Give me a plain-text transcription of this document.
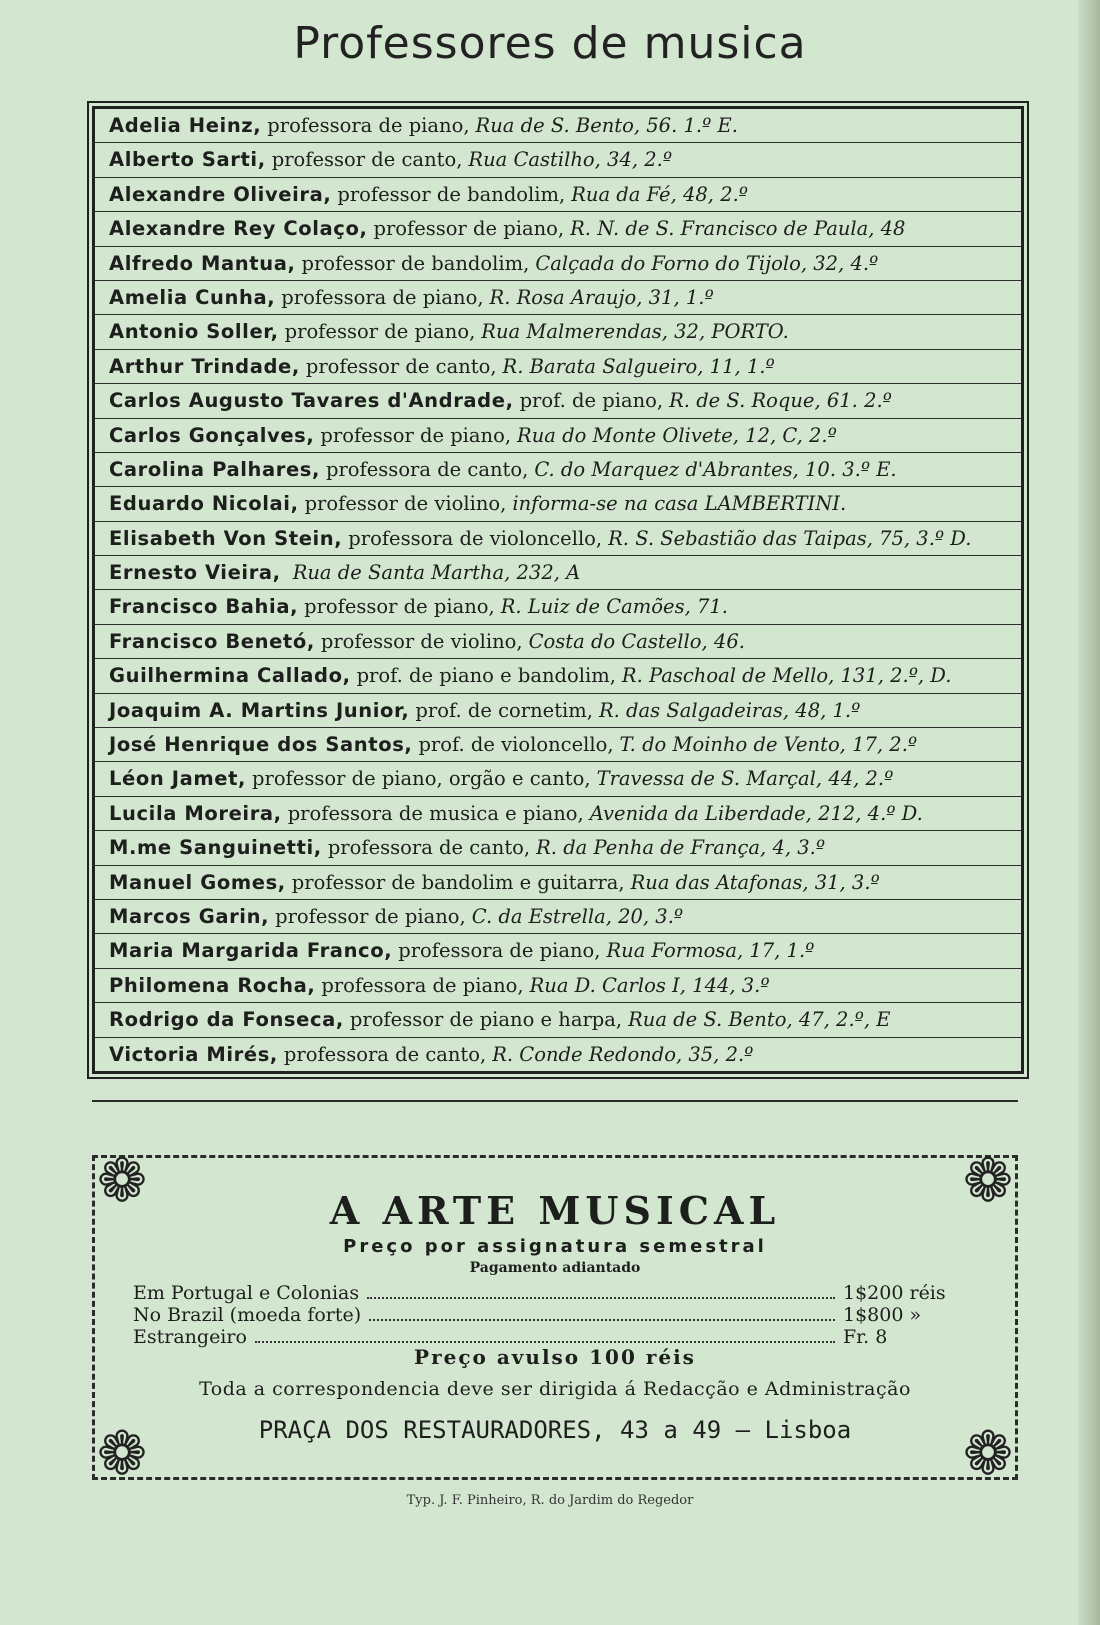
Professores de musica
Adelia Heinz, professora de piano, Rua de S. Bento, 56. 1.º E.
Alberto Sarti, professor de canto, Rua Castilho, 34, 2.º
Alexandre Oliveira, professor de bandolim, Rua da Fé, 48, 2.º
Alexandre Rey Colaço, professor de piano, R. N. de S. Francisco de Paula, 48
Alfredo Mantua, professor de bandolim, Calçada do Forno do Tijolo, 32, 4.º
Amelia Cunha, professora de piano, R. Rosa Araujo, 31, 1.º
Antonio Soller, professor de piano, Rua Malmerendas, 32, PORTO.
Arthur Trindade, professor de canto, R. Barata Salgueiro, 11, 1.º
Carlos Augusto Tavares d'Andrade, prof. de piano, R. de S. Roque, 61. 2.º
Carlos Gonçalves, professor de piano, Rua do Monte Olivete, 12, C, 2.º
Carolina Palhares, professora de canto, C. do Marquez d'Abrantes, 10. 3.º E.
Eduardo Nicolai, professor de violino, informa-se na casa LAMBERTINI.
Elisabeth Von Stein, professora de violoncello, R. S. Sebastião das Taipas, 75, 3.º D.
Ernesto Vieira, Rua de Santa Martha, 232, A
Francisco Bahia, professor de piano, R. Luiz de Camões, 71.
Francisco Benetó, professor de violino, Costa do Castello, 46.
Guilhermina Callado, prof. de piano e bandolim, R. Paschoal de Mello, 131, 2.º, D.
Joaquim A. Martins Junior, prof. de cornetim, R. das Salgadeiras, 48, 1.º
José Henrique dos Santos, prof. de violoncello, T. do Moinho de Vento, 17, 2.º
Léon Jamet, professor de piano, orgão e canto, Travessa de S. Marçal, 44, 2.º
Lucila Moreira, professora de musica e piano, Avenida da Liberdade, 212, 4.º D.
M.me Sanguinetti, professora de canto, R. da Penha de França, 4, 3.º
Manuel Gomes, professor de bandolim e guitarra, Rua das Atafonas, 31, 3.º
Marcos Garin, professor de piano, C. da Estrella, 20, 3.º
Maria Margarida Franco, professora de piano, Rua Formosa, 17, 1.º
Philomena Rocha, professora de piano, Rua D. Carlos I, 144, 3.º
Rodrigo da Fonseca, professor de piano e harpa, Rua de S. Bento, 47, 2.º, E
Victoria Mirés, professora de canto, R. Conde Redondo, 35, 2.º
❁	❁
❁	❁
A ARTE MUSICAL
Preço por assignatura semestral
Pagamento adiantado
Em Portugal e Colonias	1$200 réis
No Brazil (moeda forte)	1$800 »
Estrangeiro	Fr. 8
Preço avulso 100 réis
Toda a correspondencia deve ser dirigida á Redacção e Administração
PRAÇA DOS RESTAURADORES, 43 a 49 — Lisboa
Typ. J. F. Pinheiro, R. do Jardim do Regedor
